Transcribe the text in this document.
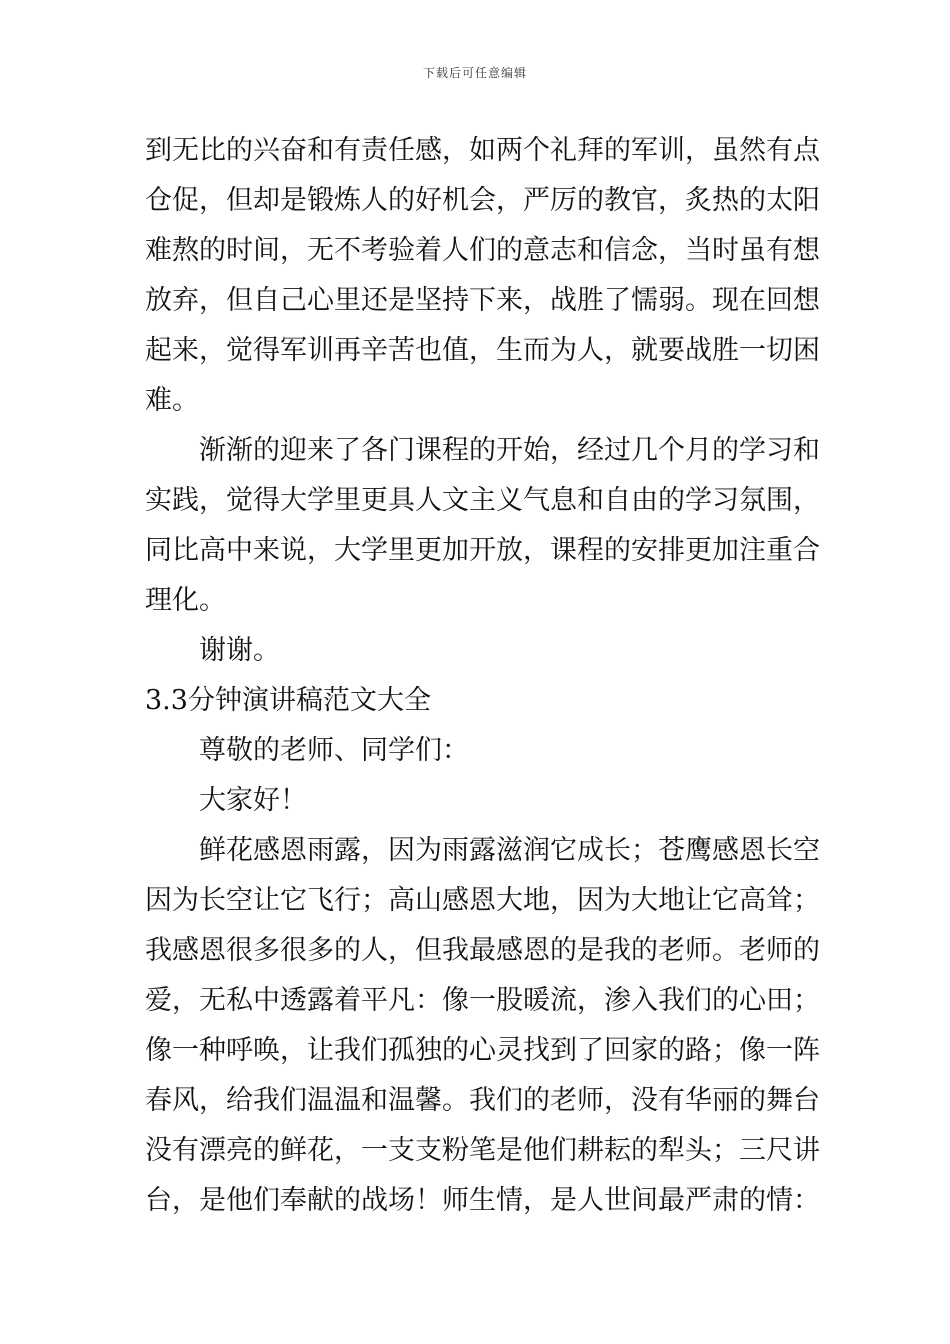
下载后可任意编辑
到无比的兴奋和有责任感，如两个礼拜的军训，虽然有点
仓促，但却是锻炼人的好机会，严厉的教官，炙热的太阳
难熬的时间，无不考验着人们的意志和信念，当时虽有想
放弃，但自己心里还是坚持下来，战胜了懦弱。现在回想
起来，觉得军训再辛苦也值，生而为人，就要战胜一切困
难。
渐渐的迎来了各门课程的开始，经过几个月的学习和
实践，觉得大学里更具人文主义气息和自由的学习氛围，
同比高中来说，大学里更加开放，课程的安排更加注重合
理化。
谢谢。
3.3分钟演讲稿范文大全
尊敬的老师、同学们：
大家好！
鲜花感恩雨露，因为雨露滋润它成长；苍鹰感恩长空
因为长空让它飞行；高山感恩大地，因为大地让它高耸；
我感恩很多很多的人，但我最感恩的是我的老师。老师的
爱，无私中透露着平凡：像一股暖流，渗入我们的心田；
像一种呼唤，让我们孤独的心灵找到了回家的路；像一阵
春风，给我们温温和温馨。我们的老师，没有华丽的舞台
没有漂亮的鲜花，一支支粉笔是他们耕耘的犁头；三尺讲
台，是他们奉献的战场！师生情，是人世间最严肃的情：
